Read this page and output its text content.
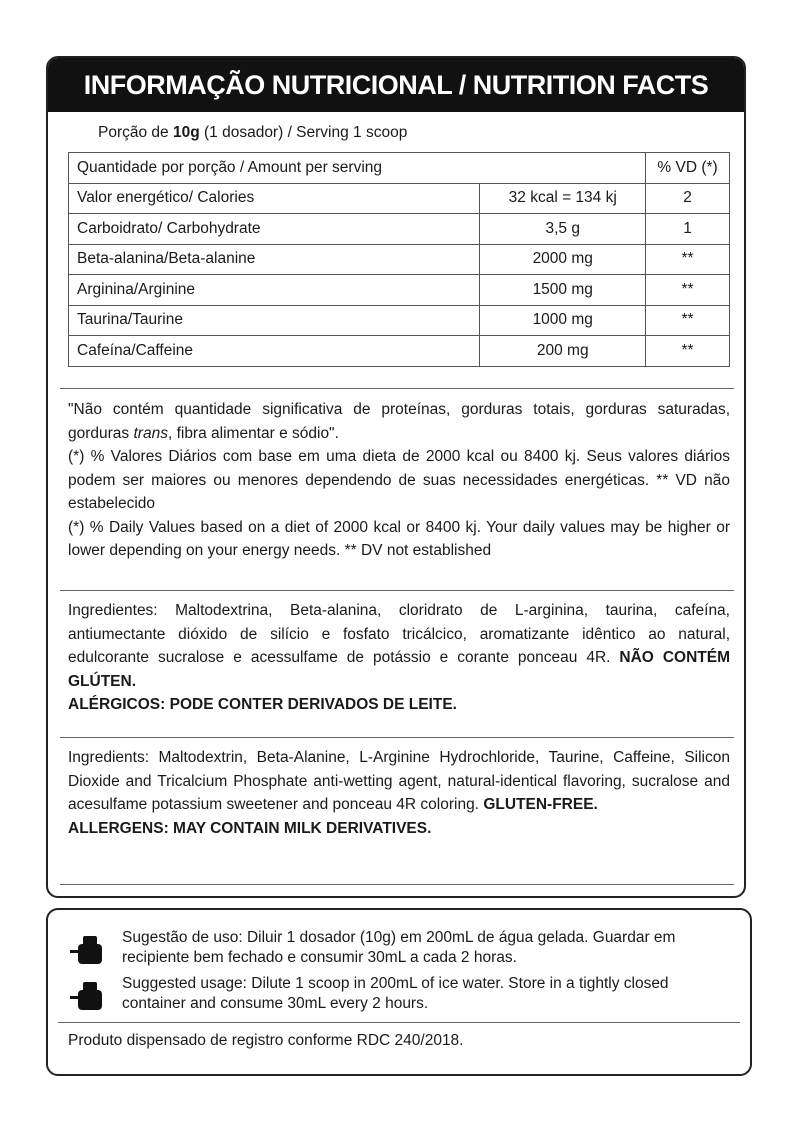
INFORMAÇÃO NUTRICIONAL / NUTRITION FACTS
Porção de 10g (1 dosador) / Serving 1 scoop
Quantidade por porção / Amount per serving		% VD (*)
Valor energético/ Calories	32 kcal = 134 kj	2
Carboidrato/ Carbohydrate	3,5 g	1
Beta-alanina/Beta-alanine	2000 mg	**
Arginina/Arginine	1500 mg	**
Taurina/Taurine	1000 mg	**
Cafeína/Caffeine	200 mg	**
"Não contém quantidade significativa de proteínas, gorduras totais, gorduras saturadas, gorduras trans, fibra alimentar e sódio".
(*) % Valores Diários com base em uma dieta de 2000 kcal ou 8400 kj. Seus valores diários podem ser maiores ou menores dependendo de suas necessidades energéticas. ** VD não estabelecido
(*) % Daily Values based on a diet of 2000 kcal or 8400 kj. Your daily values may be higher or lower depending on your energy needs. ** DV not established
Ingredientes: Maltodextrina, Beta-alanina, cloridrato de L-arginina, taurina, cafeína, antiumectante dióxido de silício e fosfato tricálcico, aromatizante idêntico ao natural, edulcorante sucralose e acessulfame de potássio e corante ponceau 4R. NÃO CONTÉM GLÚTEN.
ALÉRGICOS: PODE CONTER DERIVADOS DE LEITE.
Ingredients: Maltodextrin, Beta-Alanine, L-Arginine Hydrochloride, Taurine, Caffeine, Silicon Dioxide and Tricalcium Phosphate anti-wetting agent, natural-identical flavoring, sucralose and acesulfame potassium sweetener and ponceau 4R coloring. GLUTEN-FREE.
ALLERGENS: MAY CONTAIN MILK DERIVATIVES.
Sugestão de uso: Diluir 1 dosador (10g) em 200mL de água gelada. Guardar em recipiente bem fechado e consumir 30mL a cada 2 horas.
Suggested usage: Dilute 1 scoop in 200mL of ice water. Store in a tightly closed container and consume 30mL every 2 hours.
Produto dispensado de registro conforme RDC 240/2018.
